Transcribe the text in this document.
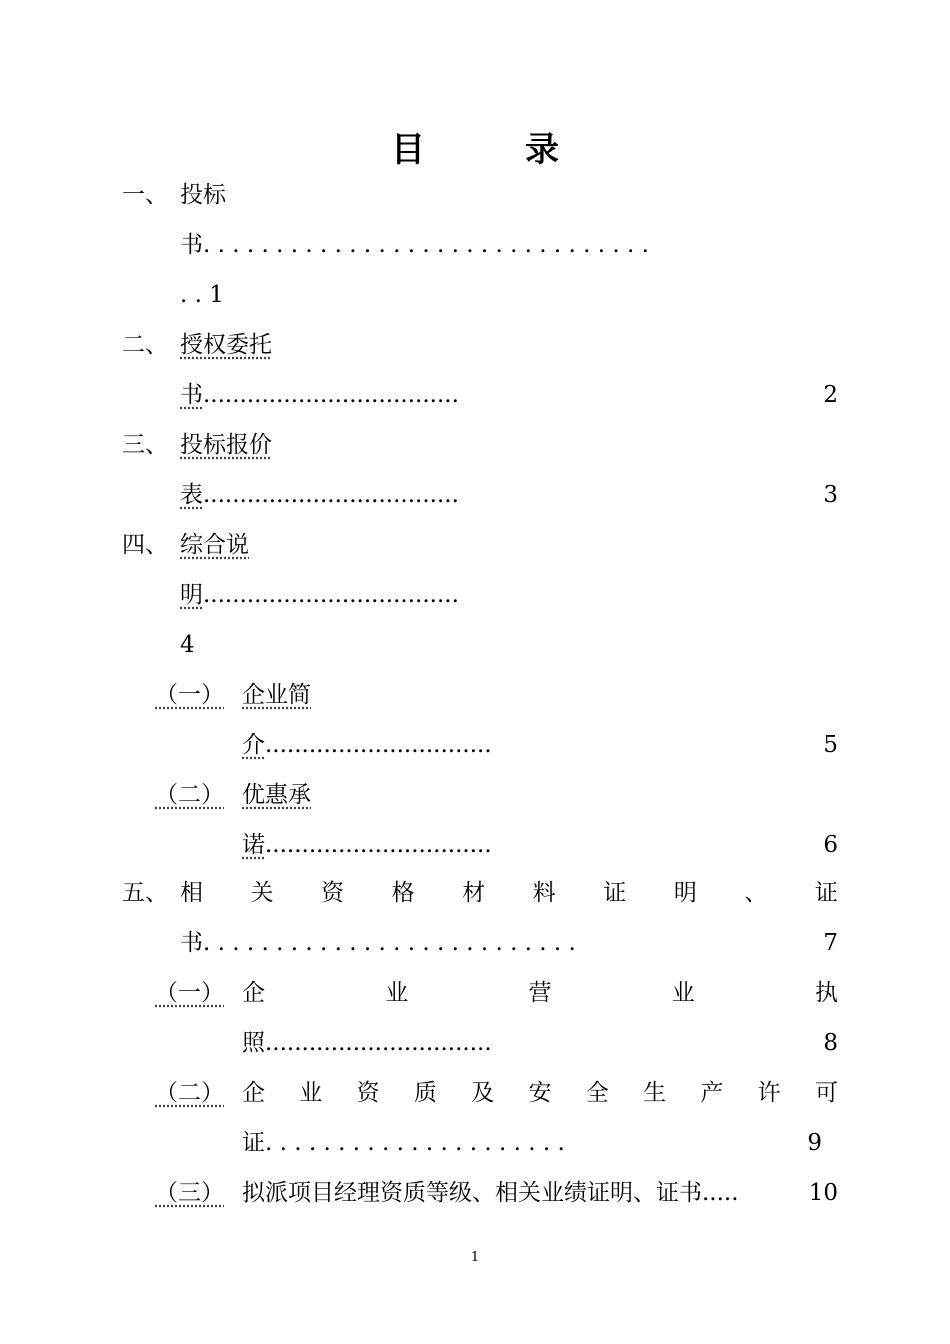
目	录
一、 投标
书. . . . . . . . . . . . . . . . . . . . . . . . . . . . . . .
. . 1
二、 授权委托
书...................................	2
三、 投标报价
表...................................	3
四、 综合说
明...................................
4
（一） 企业简
介...............................	5
（二） 优惠承
诺...............................	6
五、 相 关 资 格 材 料 证 明 、 证
书. . . . . . . . . . . . . . . . . . . . . . . . . .	7
（一） 企	业	营	业	执
照...............................	8
（二） 企 业 资 质 及 安 全 生 产 许 可
证. . . . . . . . . . . . . . . . . . . . .	9
（三） 拟派项目经理资质等级、相关业绩证明、证书.....	10
1
